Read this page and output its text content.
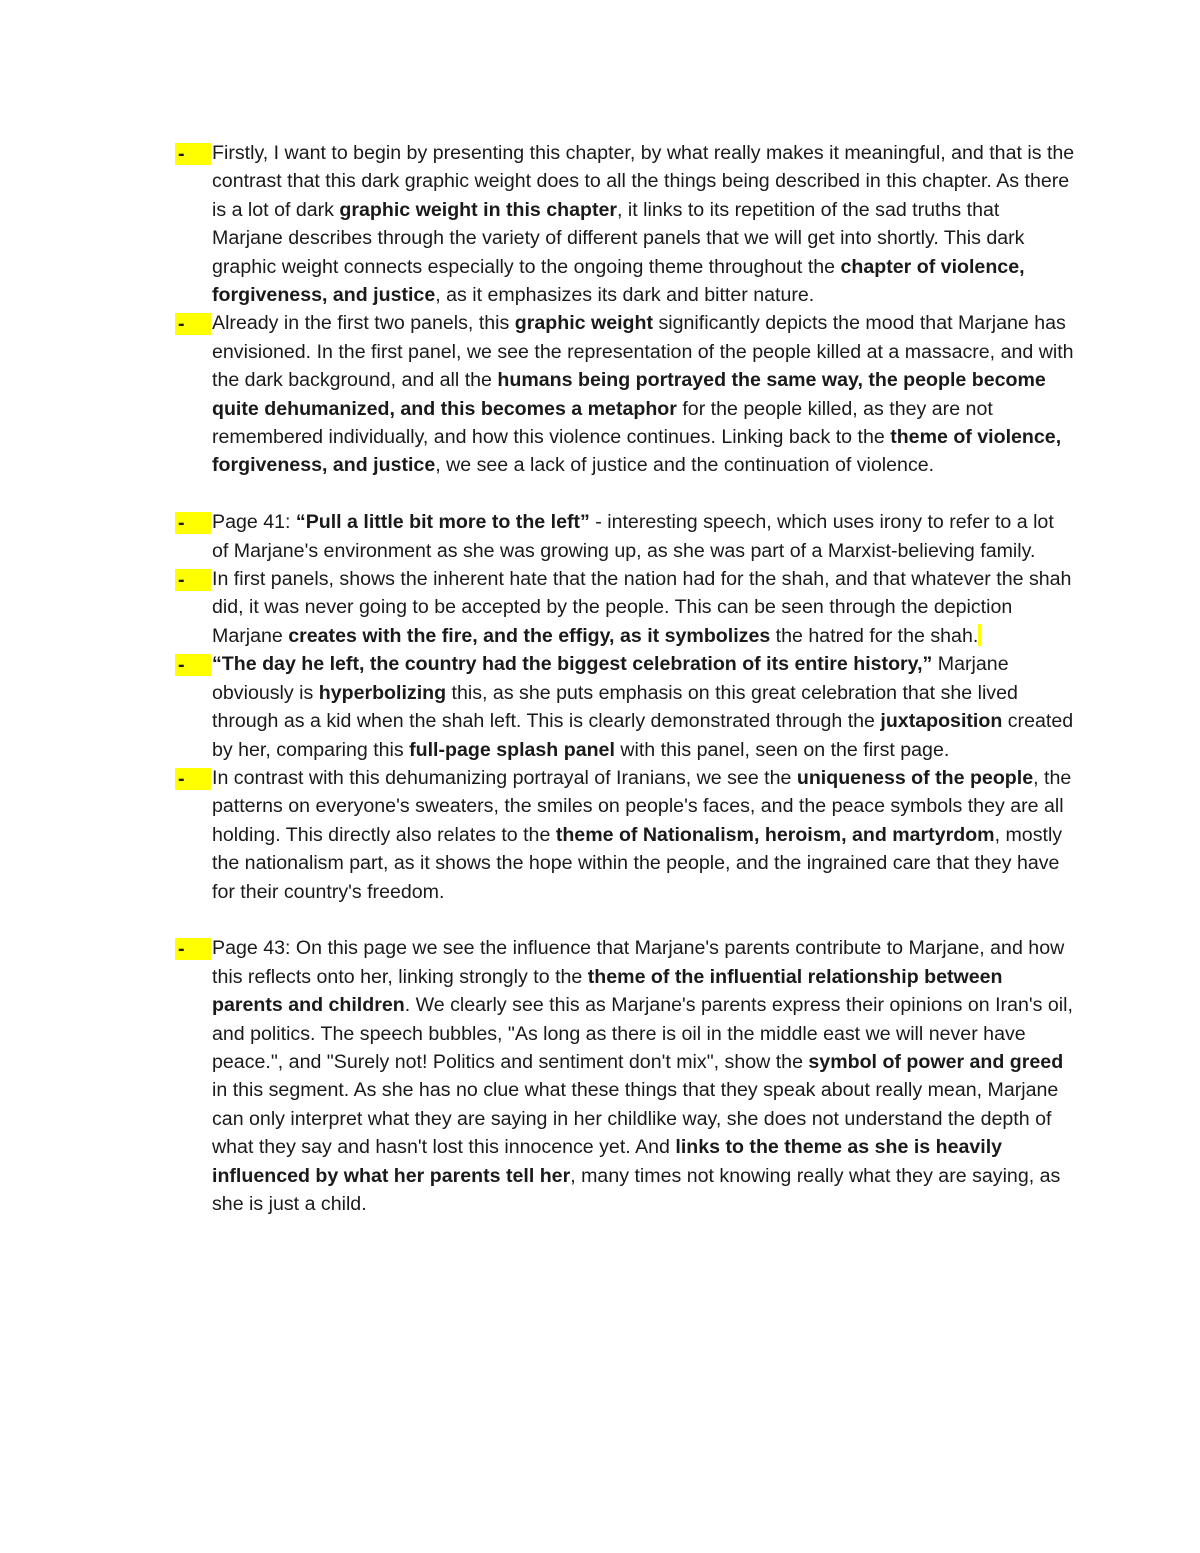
-	Firstly, I want to begin by presenting this chapter, by what really makes it meaningful, and that is the contrast that this dark graphic weight does to all the things being described in this chapter. As there is a lot of dark graphic weight in this chapter, it links to its repetition of the sad truths that Marjane describes through the variety of different panels that we will get into shortly. This dark graphic weight connects especially to the ongoing theme throughout the chapter of violence, forgiveness, and justice, as it emphasizes its dark and bitter nature.
-	Already in the first two panels, this graphic weight significantly depicts the mood that Marjane has envisioned. In the first panel, we see the representation of the people killed at a massacre, and with the dark background, and all the humans being portrayed the same way, the people become quite dehumanized, and this becomes a metaphor for the people killed, as they are not remembered individually, and how this violence continues. Linking back to the theme of violence, forgiveness, and justice, we see a lack of justice and the continuation of violence.
-	Page 41: “Pull a little bit more to the left” - interesting speech, which uses irony to refer to a lot of Marjane's environment as she was growing up, as she was part of a Marxist-believing family.
-	In first panels, shows the inherent hate that the nation had for the shah, and that whatever the shah did, it was never going to be accepted by the people. This can be seen through the depiction Marjane creates with the fire, and the effigy, as it symbolizes the hatred for the shah.
-	“The day he left, the country had the biggest celebration of its entire history,” Marjane obviously is hyperbolizing this, as she puts emphasis on this great celebration that she lived through as a kid when the shah left. This is clearly demonstrated through the juxtaposition created by her, comparing this full-page splash panel with this panel, seen on the first page.
-	In contrast with this dehumanizing portrayal of Iranians, we see the uniqueness of the people, the patterns on everyone's sweaters, the smiles on people's faces, and the peace symbols they are all holding. This directly also relates to the theme of Nationalism, heroism, and martyrdom, mostly the nationalism part, as it shows the hope within the people, and the ingrained care that they have for their country's freedom.
-	Page 43: On this page we see the influence that Marjane's parents contribute to Marjane, and how this reflects onto her, linking strongly to the theme of the influential relationship between parents and children. We clearly see this as Marjane's parents express their opinions on Iran's oil, and politics. The speech bubbles, "As long as there is oil in the middle east we will never have peace.", and "Surely not! Politics and sentiment don't mix", show the symbol of power and greed in this segment. As she has no clue what these things that they speak about really mean, Marjane can only interpret what they are saying in her childlike way, she does not understand the depth of what they say and hasn't lost this innocence yet. And links to the theme as she is heavily influenced by what her parents tell her, many times not knowing really what they are saying, as she is just a child.
